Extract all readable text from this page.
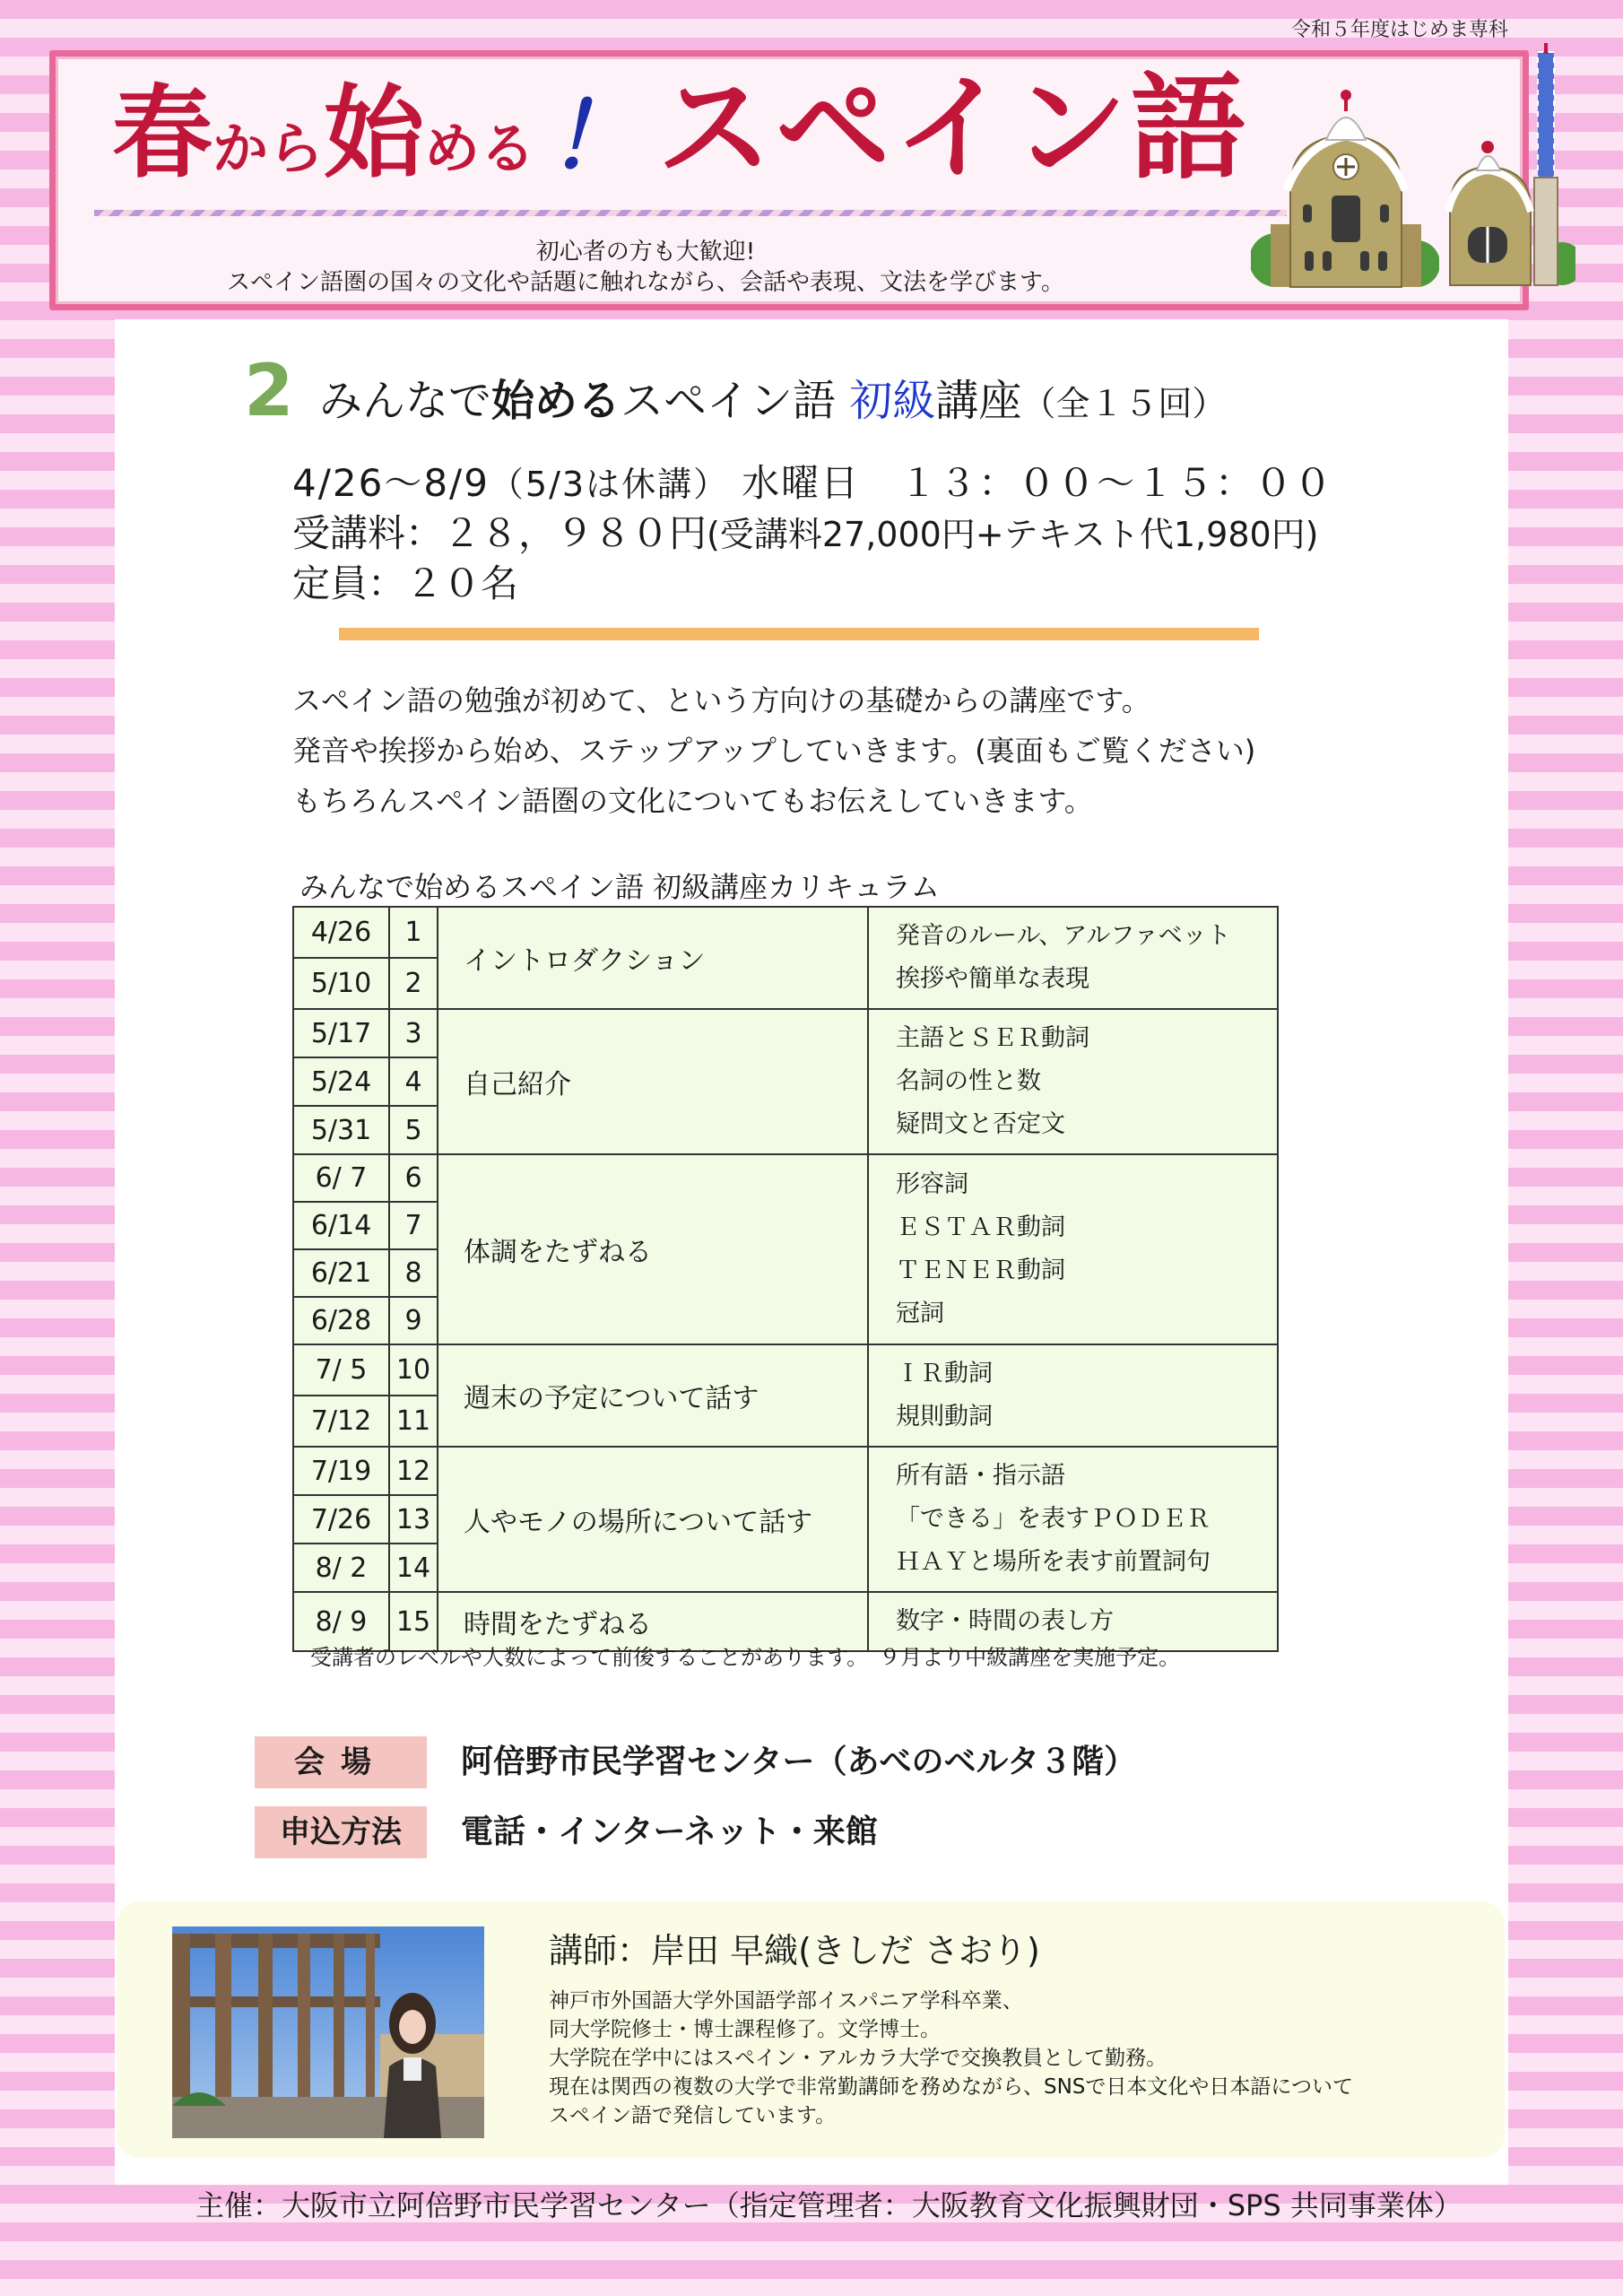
令和５年度はじめま専科
春から始める ！ スペイン語
初心者の方も大歓迎!
スペイン語圏の国々の文化や話題に触れながら、会話や表現、文法を学びます。
2 みんなで始めるスペイン語 初級講座（全１５回）
4/26～8/9（5/3は休講） 水曜日　１３：００～１５：００
受講料：２８，９８０円(受講料27,000円+テキスト代1,980円)
定員：２０名
スペイン語の勉強が初めて、という方向けの基礎からの講座です。
発音や挨拶から始め、ステップアップしていきます。(裏面もご覧ください)
もちろんスペイン語圏の文化についてもお伝えしていきます。
みんなで始めるスペイン語 初級講座カリキュラム
4/26	1	イントロダクション	発音のルール、アルファベット
挨拶や簡単な表現

5/10	2		
5/17	3	自己紹介	主語とＳＥＲ動詞
名詞の性と数
疑問文と否定文

5/24	4		
5/31	5		
6/ 7	6	体調をたずねる	形容詞
ＥＳＴＡＲ動詞
ＴＥＮＥＲ動詞
冠詞

6/14	7		
6/21	8		
6/28	9		
7/ 5	10	週末の予定について話す	ＩＲ動詞
規則動詞

7/12	11		
7/19	12	人やモノの場所について話す	所有語・指示語
「できる」を表すＰＯＤＥＲ
ＨＡＹと場所を表す前置詞句

7/26	13		
8/ 2	14		
8/ 9	15	時間をたずねる	数字・時間の表し方
受講者のレベルや人数によって前後することがあります。　９月より中級講座を実施予定。
会場	阿倍野市民学習センター（あべのベルタ３階）
申込方法	電話・インターネット・来館
講師：岸田 早織(きしだ さおり)
神戸市外国語大学外国語学部イスパニア学科卒業、
同大学院修士・博士課程修了。文学博士。
大学院在学中にはスペイン・アルカラ大学で交換教員として勤務。
現在は関西の複数の大学で非常勤講師を務めながら、SNSで日本文化や日本語について
スペイン語で発信しています。
主催：大阪市立阿倍野市民学習センター（指定管理者：大阪教育文化振興財団・SPS 共同事業体）
